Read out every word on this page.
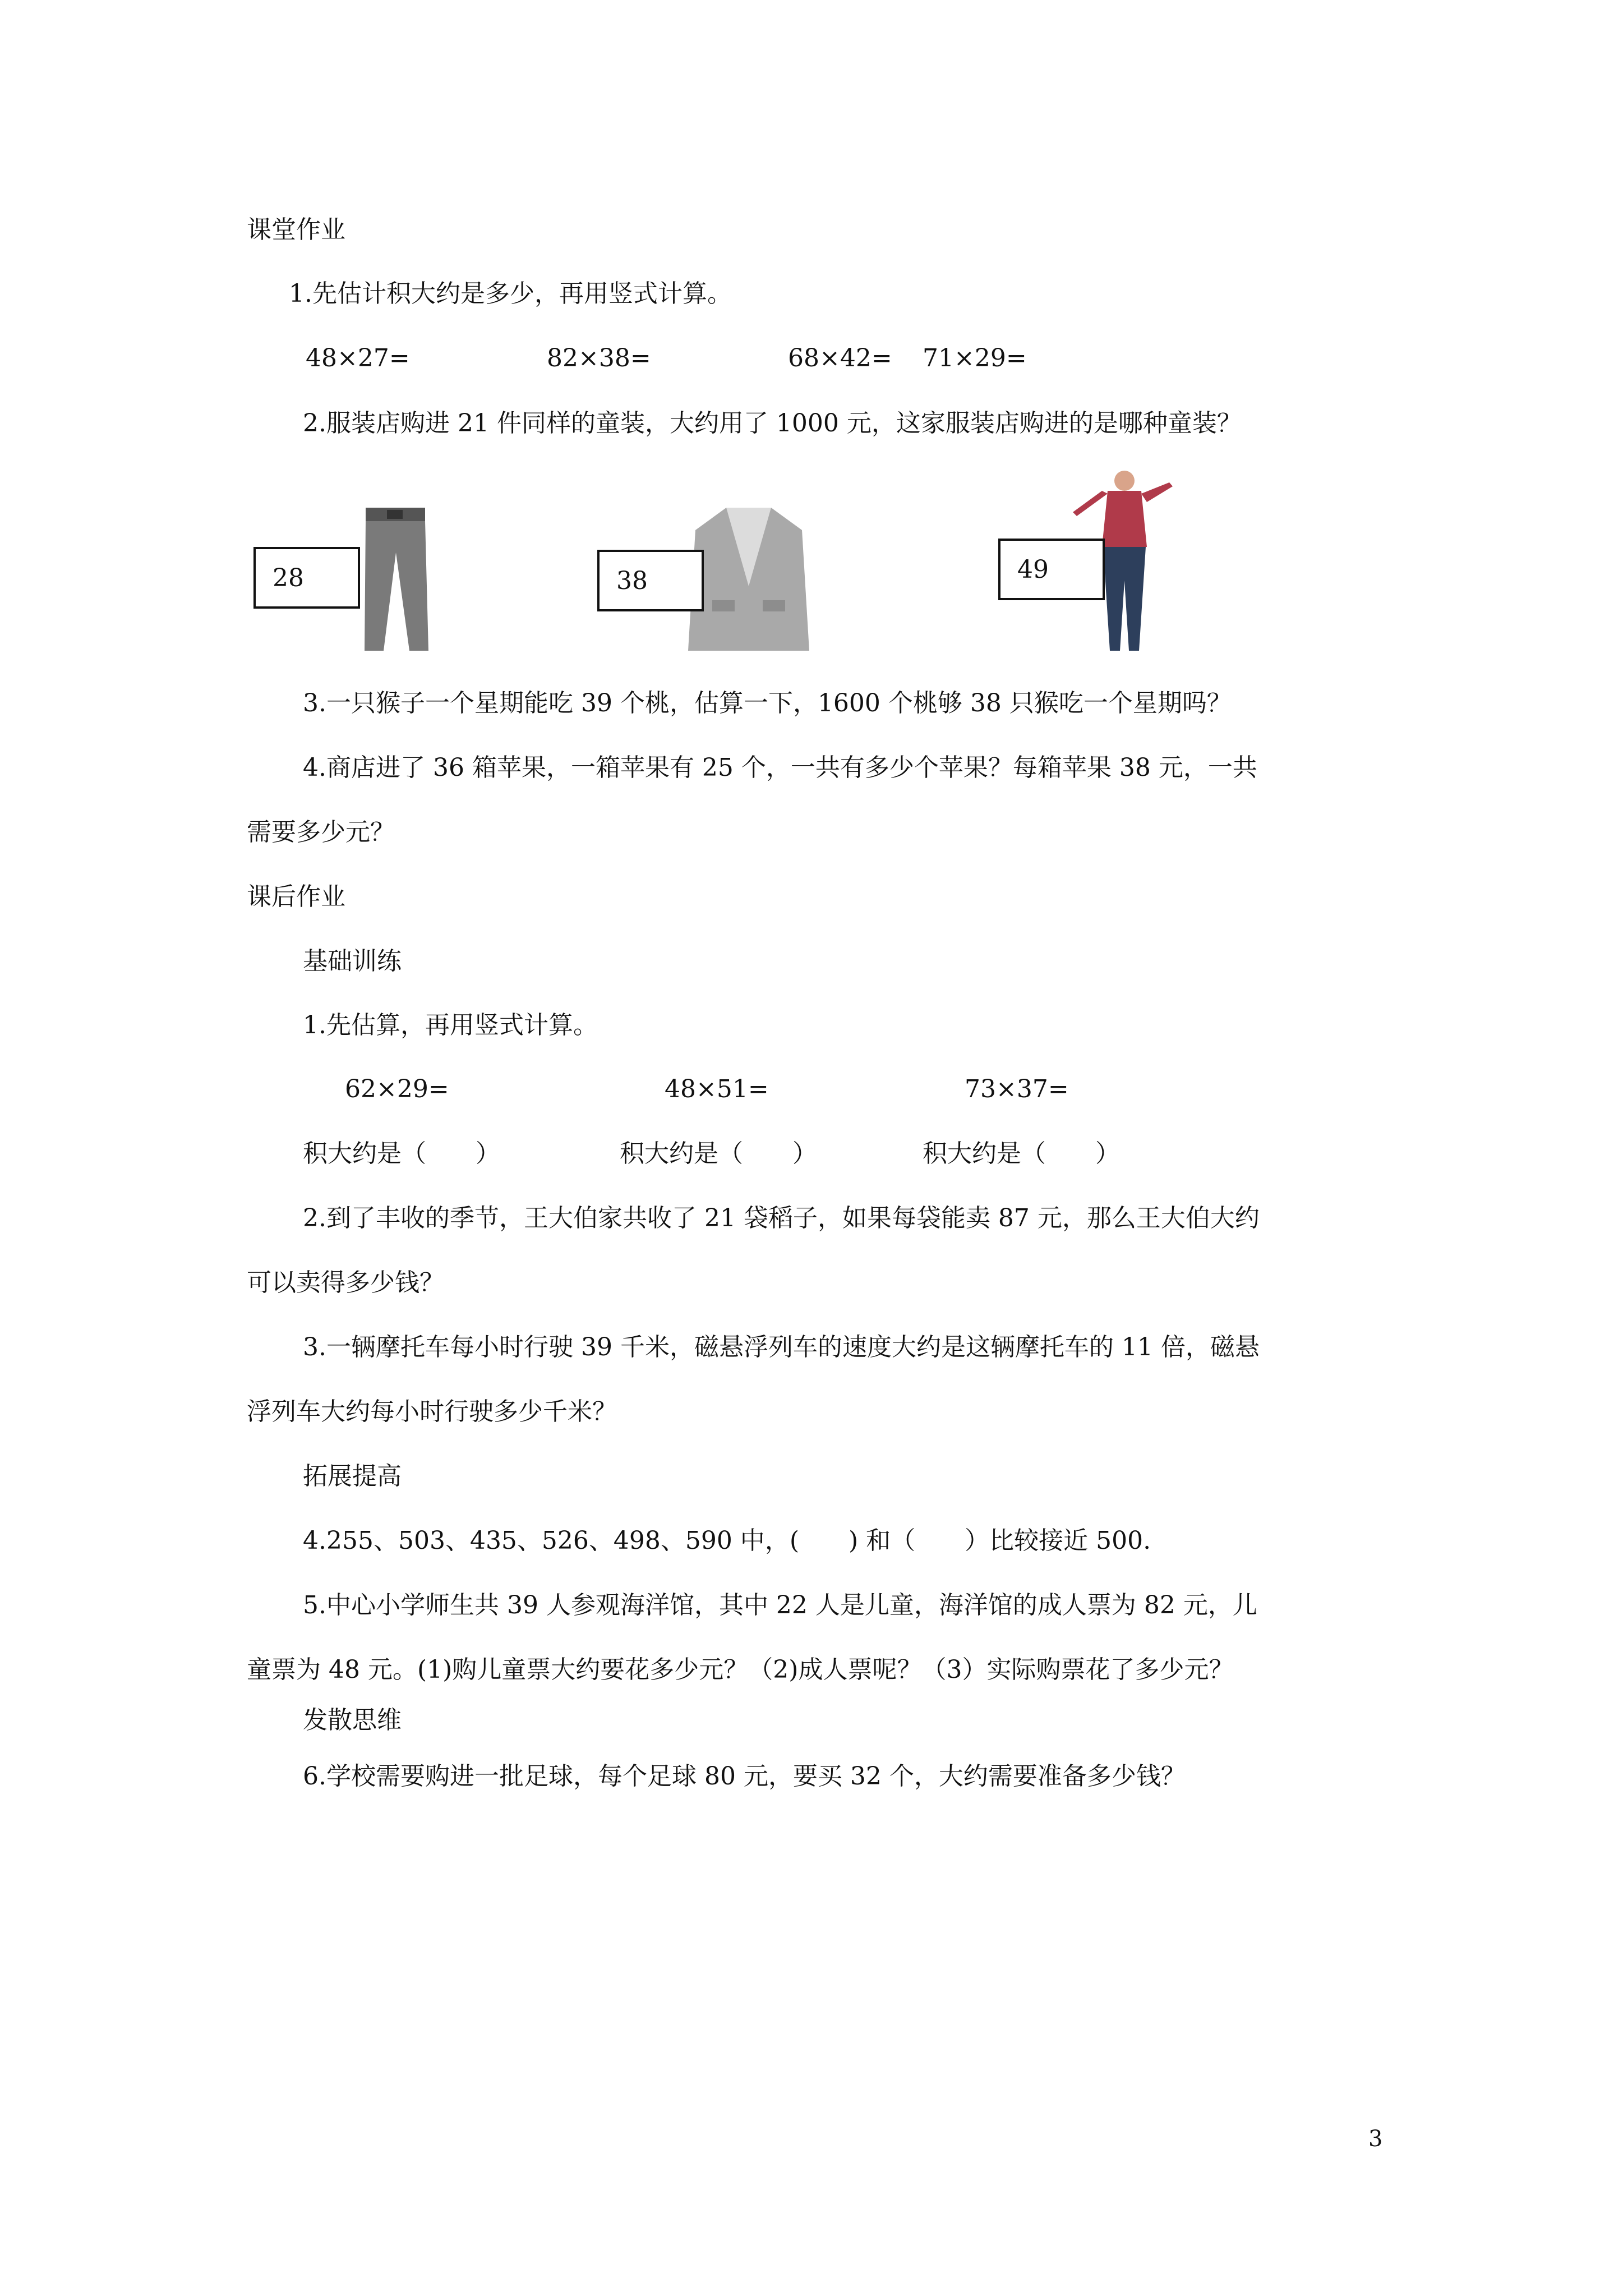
课堂作业
1.先估计积大约是多少，再用竖式计算。
48×27=	82×38=	68×42= 71×29=
2.服装店购进 21 件同样的童装，大约用了 1000 元，这家服装店购进的是哪种童装？
28	38	49
3.一只猴子一个星期能吃 39 个桃，估算一下，1600 个桃够 38 只猴吃一个星期吗？
4.商店进了 36 箱苹果，一箱苹果有 25 个，一共有多少个苹果？每箱苹果 38 元，一共
需要多少元？
课后作业
基础训练
1.先估算，再用竖式计算。
62×29=	48×51=	73×37=
积大约是（　　）	积大约是（　　）	积大约是（　　）
2.到了丰收的季节，王大伯家共收了 21 袋稻子，如果每袋能卖 87 元，那么王大伯大约
可以卖得多少钱？
3.一辆摩托车每小时行驶 39 千米，磁悬浮列车的速度大约是这辆摩托车的 11 倍，磁悬
浮列车大约每小时行驶多少千米？
拓展提高
4.255、503、435、526、498、590 中，(　　) 和（　　）比较接近 500.
5.中心小学师生共 39 人参观海洋馆，其中 22 人是儿童，海洋馆的成人票为 82 元，儿
童票为 48 元。(1)购儿童票大约要花多少元？（2)成人票呢？（3）实际购票花了多少元？
发散思维
6.学校需要购进一批足球，每个足球 80 元，要买 32 个，大约需要准备多少钱？
3
